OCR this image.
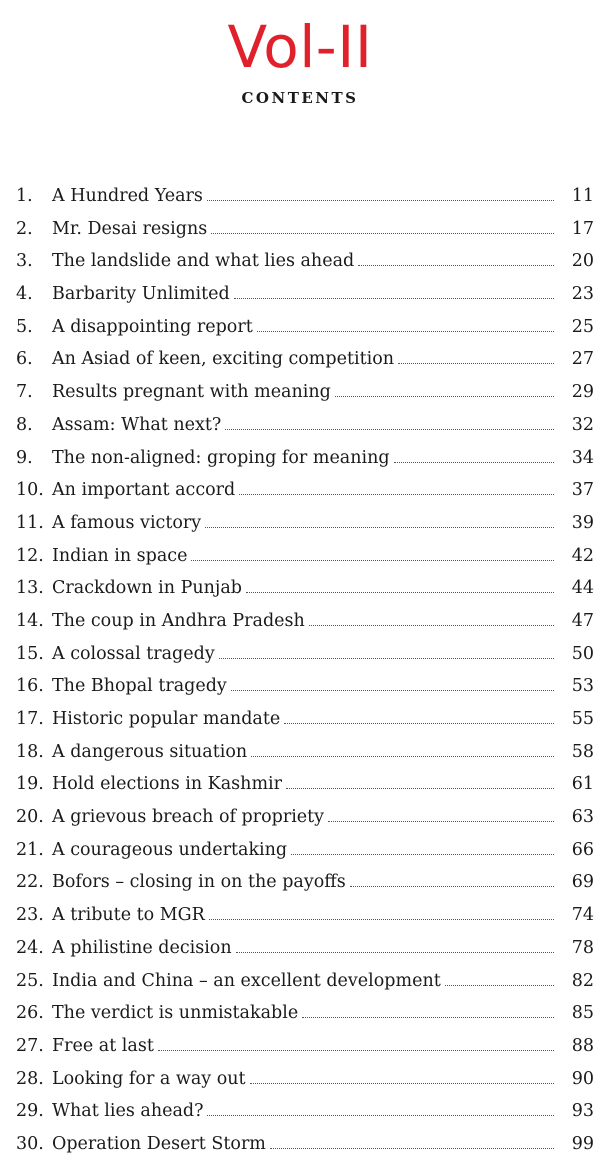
Vol-II
CONTENTS
1.	A Hundred Years	11
2.	Mr. Desai resigns	17
3.	The landslide and what lies ahead	20
4.	Barbarity Unlimited	23
5.	A disappointing report	25
6.	An Asiad of keen, exciting competition	27
7.	Results pregnant with meaning	29
8.	Assam: What next?	32
9.	The non-aligned: groping for meaning	34
10. An important accord	37
11. A famous victory	39
12. Indian in space	42
13. Crackdown in Punjab	44
14. The coup in Andhra Pradesh	47
15. A colossal tragedy	50
16. The Bhopal tragedy	53
17. Historic popular mandate	55
18. A dangerous situation	58
19. Hold elections in Kashmir	61
20. A grievous breach of propriety	63
21. A courageous undertaking	66
22. Bofors – closing in on the payoffs	69
23. A tribute to MGR	74
24. A philistine decision	78
25. India and China – an excellent development	82
26. The verdict is unmistakable	85
27. Free at last	88
28. Looking for a way out	90
29. What lies ahead?	93
30. Operation Desert Storm	99
